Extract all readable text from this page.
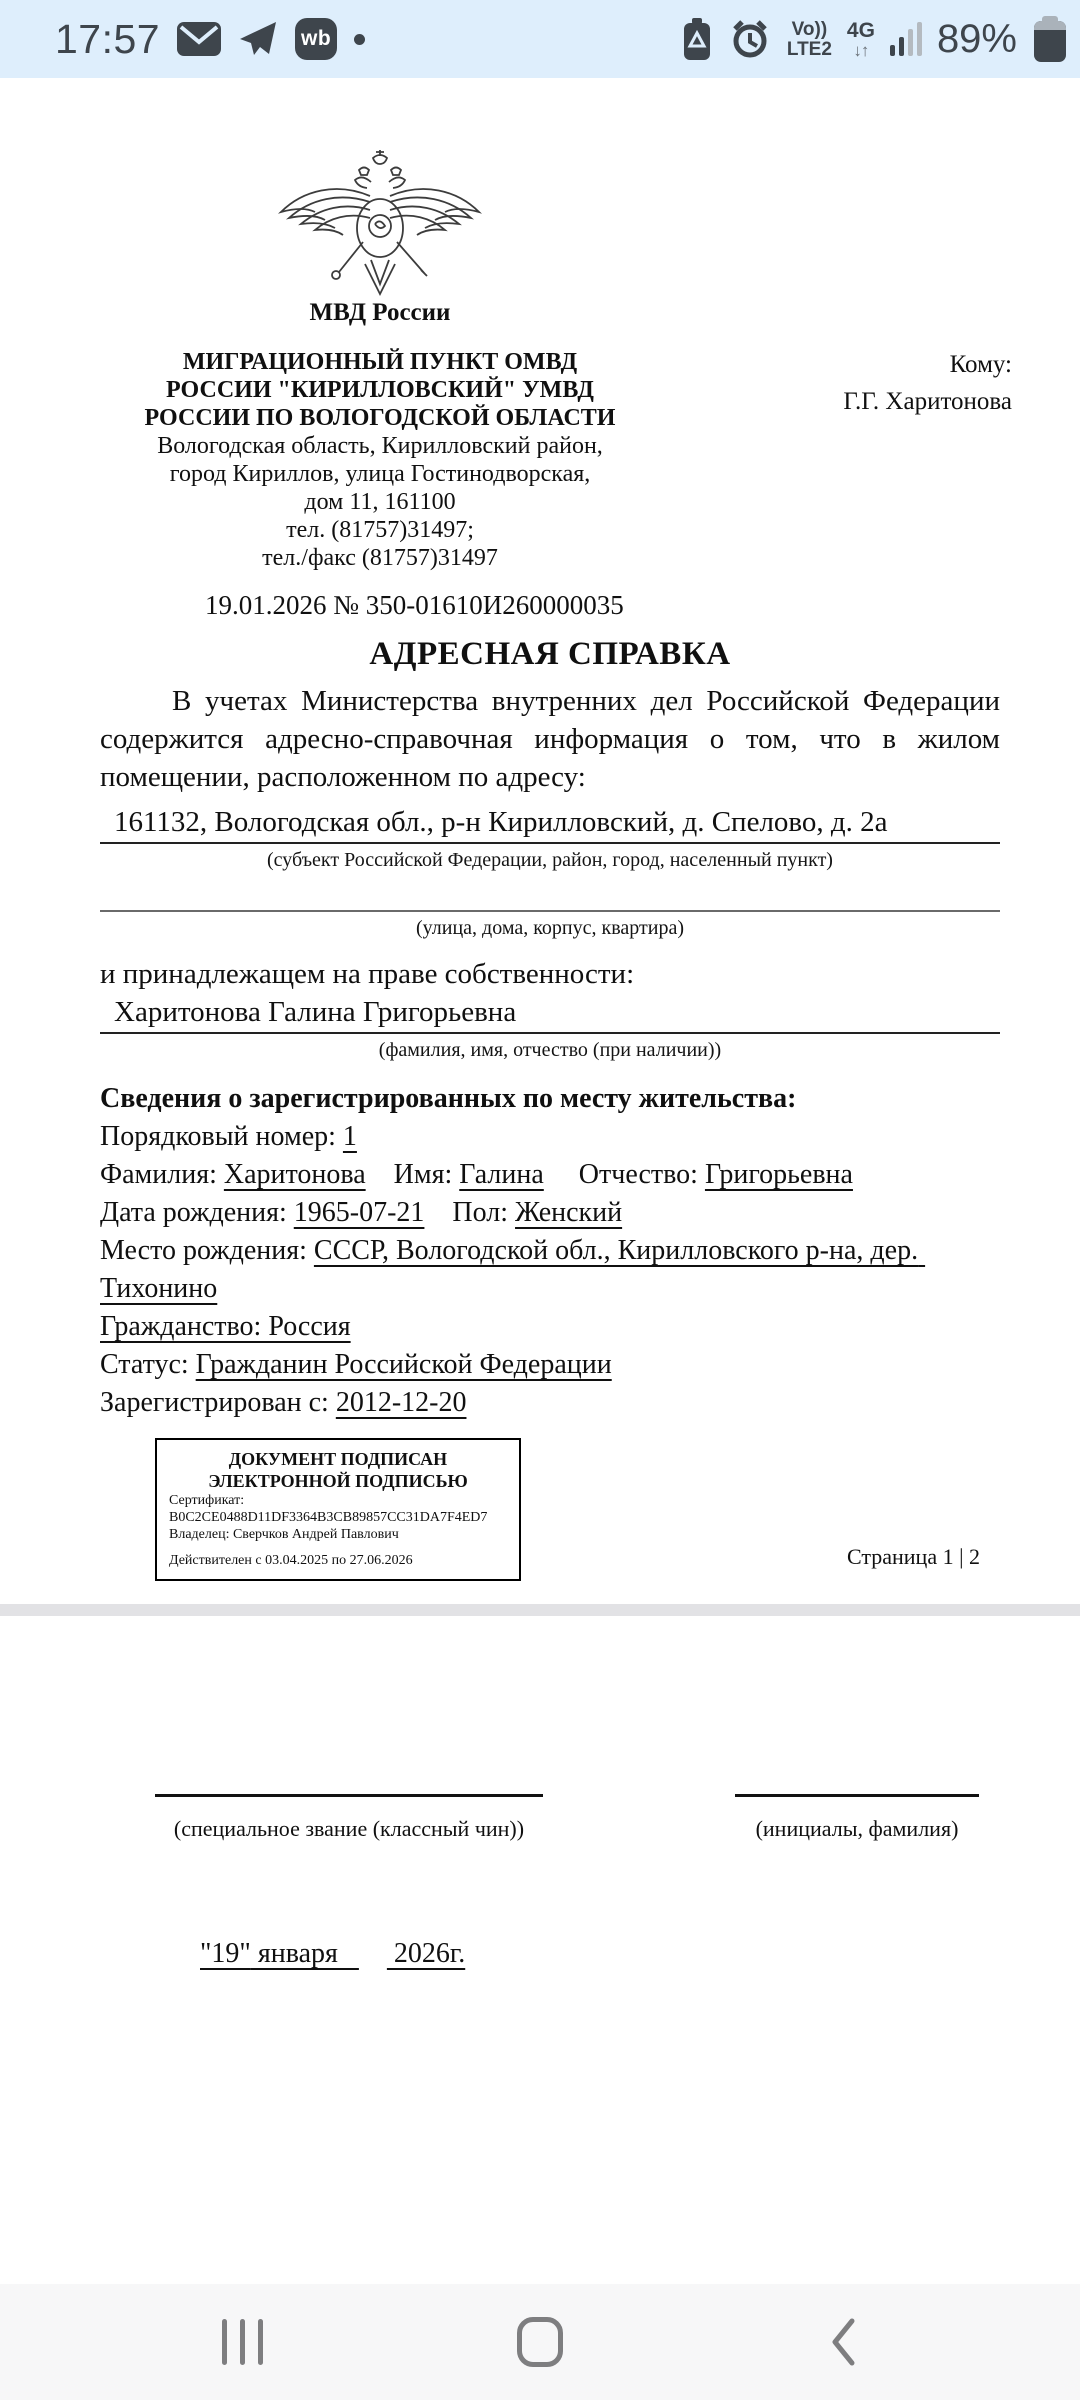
17:57	wb	Vo))
LTE2
4G
↓↑ 89%
МВД России
МИГРАЦИОННЫЙ ПУНКТ ОМВД
РОССИИ "КИРИЛЛОВСКИЙ" УМВД
РОССИИ ПО ВОЛОГОДСКОЙ ОБЛАСТИ
Вологодская область, Кирилловский район,
город Кириллов, улица Гостинодворская,
дом 11, 161100
тел. (81757)31497;
тел./факс (81757)31497
Кому:
Г.Г. Харитонова
19.01.2026 № 350-01610И260000035
АДРЕСНАЯ СПРАВКА
В учетах Министерства внутренних дел Российской Федерации содержится адресно-справочная информация о том, что в жилом помещении, расположенном по адресу:
161132, Вологодская обл., р-н Кирилловский, д. Спелово, д. 2а
(субъект Российской Федерации, район, город, населенный пункт)
(улица, дома, корпус, квартира)
и принадлежащем на праве собственности:
Харитонова Галина Григорьевна
(фамилия, имя, отчество (при наличии))
Сведения о зарегистрированных по месту жительства:
Порядковый номер: 1
Фамилия: Харитонова    Имя: Галина     Отчество: Григорьевна
Дата рождения: 1965-07-21    Пол: Женский
Место рождения: СССР, Вологодской обл., Кирилловского р-на, дер. Тихонино
Гражданство: Россия
Статус: Гражданин Российской Федерации
Зарегистрирован с: 2012-12-20
ДОКУМЕНТ ПОДПИСАН
ЭЛЕКТРОННОЙ ПОДПИСЬЮ
Сертификат:
B0C2CE0488D11DF3364B3CB89857CC31DA7F4ED7
Владелец: Сверчков Андрей Павлович
Действителен с 03.04.2025 по 27.06.2026	Страница 1 | 2
(специальное звание (классный чин))	(инициалы, фамилия)

"19" января    2026г.
